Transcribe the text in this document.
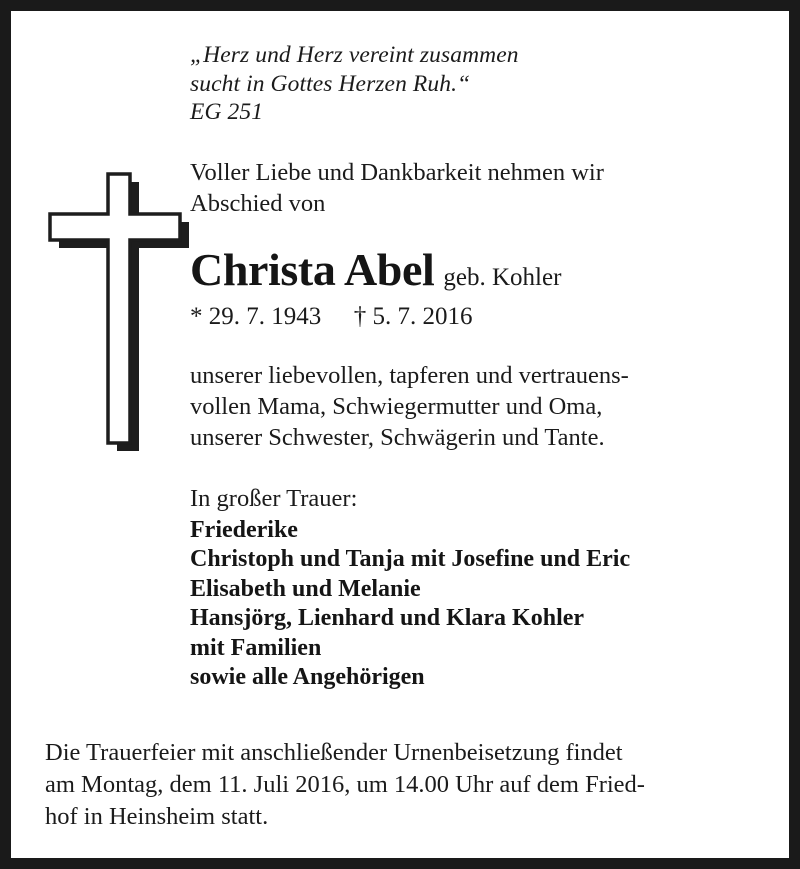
„Herz und Herz vereint zusammen
sucht in Gottes Herzen Ruh.“
EG 251
Voller Liebe und Dankbarkeit nehmen wir
Abschied von
Christa Abel geb. Kohler
* 29. 7. 1943 † 5. 7. 2016
unserer liebevollen, tapferen und vertrauens-
vollen Mama, Schwiegermutter und Oma,
unserer Schwester, Schwägerin und Tante.
In großer Trauer:
Friederike
Christoph und Tanja mit Josefine und Eric
Elisabeth und Melanie
Hansjörg, Lienhard und Klara Kohler
mit Familien
sowie alle Angehörigen
Die Trauerfeier mit anschließender Urnenbeisetzung findet
am Montag, dem 11. Juli 2016, um 14.00 Uhr auf dem Fried-
hof in Heinsheim statt.
